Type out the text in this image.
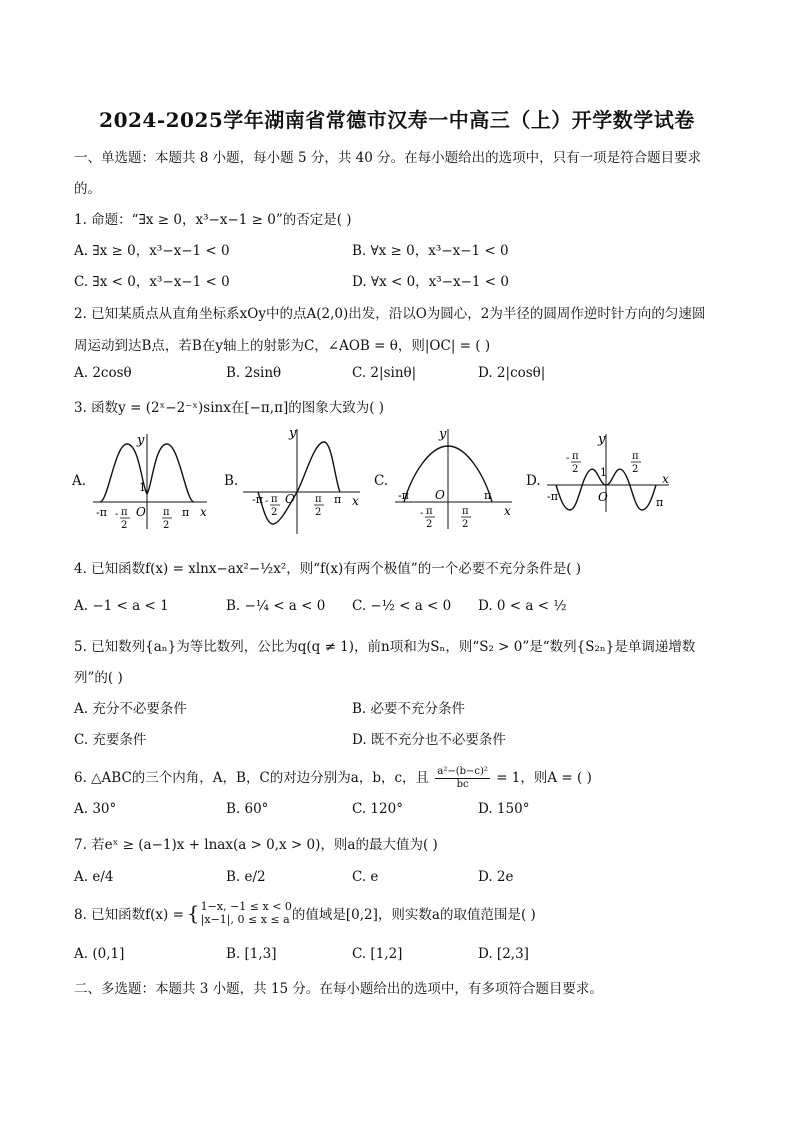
2024-2025学年湖南省常德市汉寿一中高三（上）开学数学试卷
一、单选题：本题共 8 小题，每小题 5 分，共 40 分。在每小题给出的选项中，只有一项是符合题目要求
的。
1. 命题：“∃x ≥ 0，x³−x−1 ≥ 0”的否定是( )
A. ∃x ≥ 0，x³−x−1 < 0	B. ∀x ≥ 0，x³−x−1 < 0
C. ∃x < 0，x³−x−1 < 0	D. ∀x < 0，x³−x−1 < 0
2. 已知某质点从直角坐标系xOy中的点A(2,0)出发，沿以O为圆心，2为半径的圆周作逆时针方向的匀速圆
周运动到达B点，若B在y轴上的射影为C，∠AOB = θ，则|OC| = ( )
A. 2cosθ	B. 2sinθ	C. 2|sinθ|	D. 2|cosθ|
3. 函数y = (2ˣ−2⁻ˣ)sinx在[−π,π]的图象大致为( )
A.	B.	C.	D.
y
x
O
1
-π	π
- π
2
π
2
y
x
O
-π	π
- π
2
π
2
y
x
O
-π	π
- π
2
π
2
y
x
O
1
-π	π
- π
2
π
2
4. 已知函数f(x) = xlnx−ax²−½x²，则“f(x)有两个极值”的一个必要不充分条件是( )
A. −1 < a < 1	B. −¼ < a < 0 C. −½ < a < 0 D. 0 < a < ½
5. 已知数列{aₙ}为等比数列，公比为q(q ≠ 1)，前n项和为Sₙ，则“S₂ > 0”是“数列{S₂ₙ}是单调递增数
列”的( )
A. 充分不必要条件	B. 必要不充分条件
C. 充要条件	D. 既不充分也不必要条件
6. △ABC的三个内角，A，B，C的对边分别为a，b，c，且 $\frac{\text{a²−(b−c)²}}{bc} = 1$，则A = ( )
A. 30°	B. 60°	C. 120°	D. 150°
7. 若eˣ ≥ (a−1)x + lnax(a > 0,x > 0)，则a的最大值为( )
A. e/4	B. e/2	C. e	D. 2e
8. 已知函数f(x) = { 1−x, −1 ≤ x < 0
|x−1|, 0 ≤ x ≤ a 的值域是[0,2]，则实数a的取值范围是( )
A. (0,1]	B. [1,3]	C. [1,2]	D. [2,3]
二、多选题：本题共 3 小题，共 15 分。在每小题给出的选项中，有多项符合题目要求。
